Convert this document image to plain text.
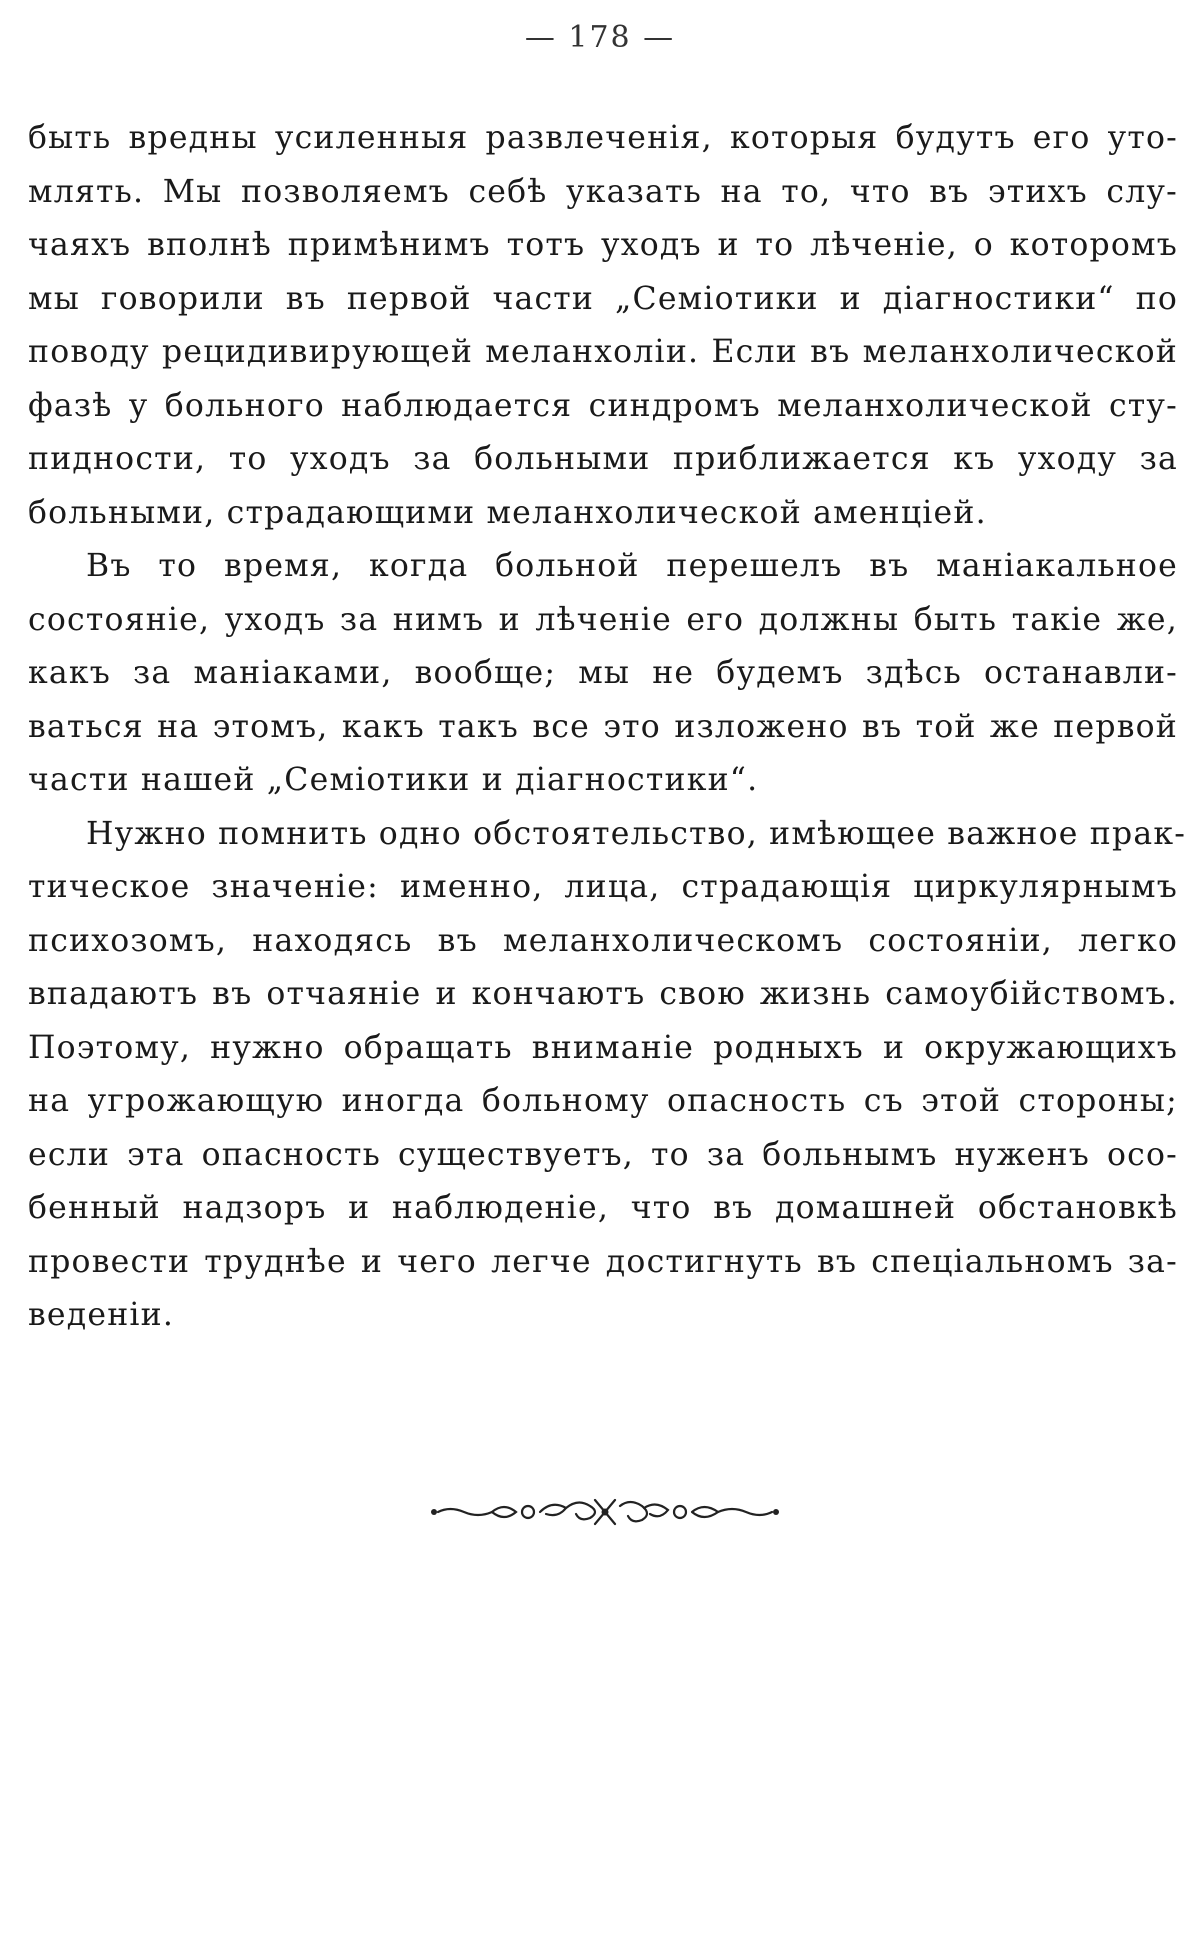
— 178 —
быть вредны усиленныя развлеченія, которыя будутъ его уто-
млять. Мы позволяемъ себѣ указать на то, что въ этихъ слу-
чаяхъ вполнѣ примѣнимъ тотъ уходъ и то лѣченіе, о которомъ
мы говорили въ первой части „Семіотики и діагностики“ по
поводу рецидивирующей меланхоліи. Если въ меланхолической
фазѣ у больного наблюдается синдромъ меланхолической сту-
пидности, то уходъ за больными приближается къ уходу за
больными, страдающими меланхолической аменціей.
Въ то время, когда больной перешелъ въ маніакальное
состояніе, уходъ за нимъ и лѣченіе его должны быть такіе же,
какъ за маніаками, вообще; мы не будемъ здѣсь останавли-
ваться на этомъ, какъ такъ все это изложено въ той же первой
части нашей „Семіотики и діагностики“.
Нужно помнить одно обстоятельство, имѣющее важное прак-
тическое значеніе: именно, лица, страдающія циркулярнымъ
психозомъ, находясь въ меланхолическомъ состояніи, легко
впадаютъ въ отчаяніе и кончаютъ свою жизнь самоубійствомъ.
Поэтому, нужно обращать вниманіе родныхъ и окружающихъ
на угрожающую иногда больному опасность съ этой стороны;
если эта опасность существуетъ, то за больнымъ нуженъ осо-
бенный надзоръ и наблюденіе, что въ домашней обстановкѣ
провести труднѣе и чего легче достигнуть въ спеціальномъ за-
веденіи.
